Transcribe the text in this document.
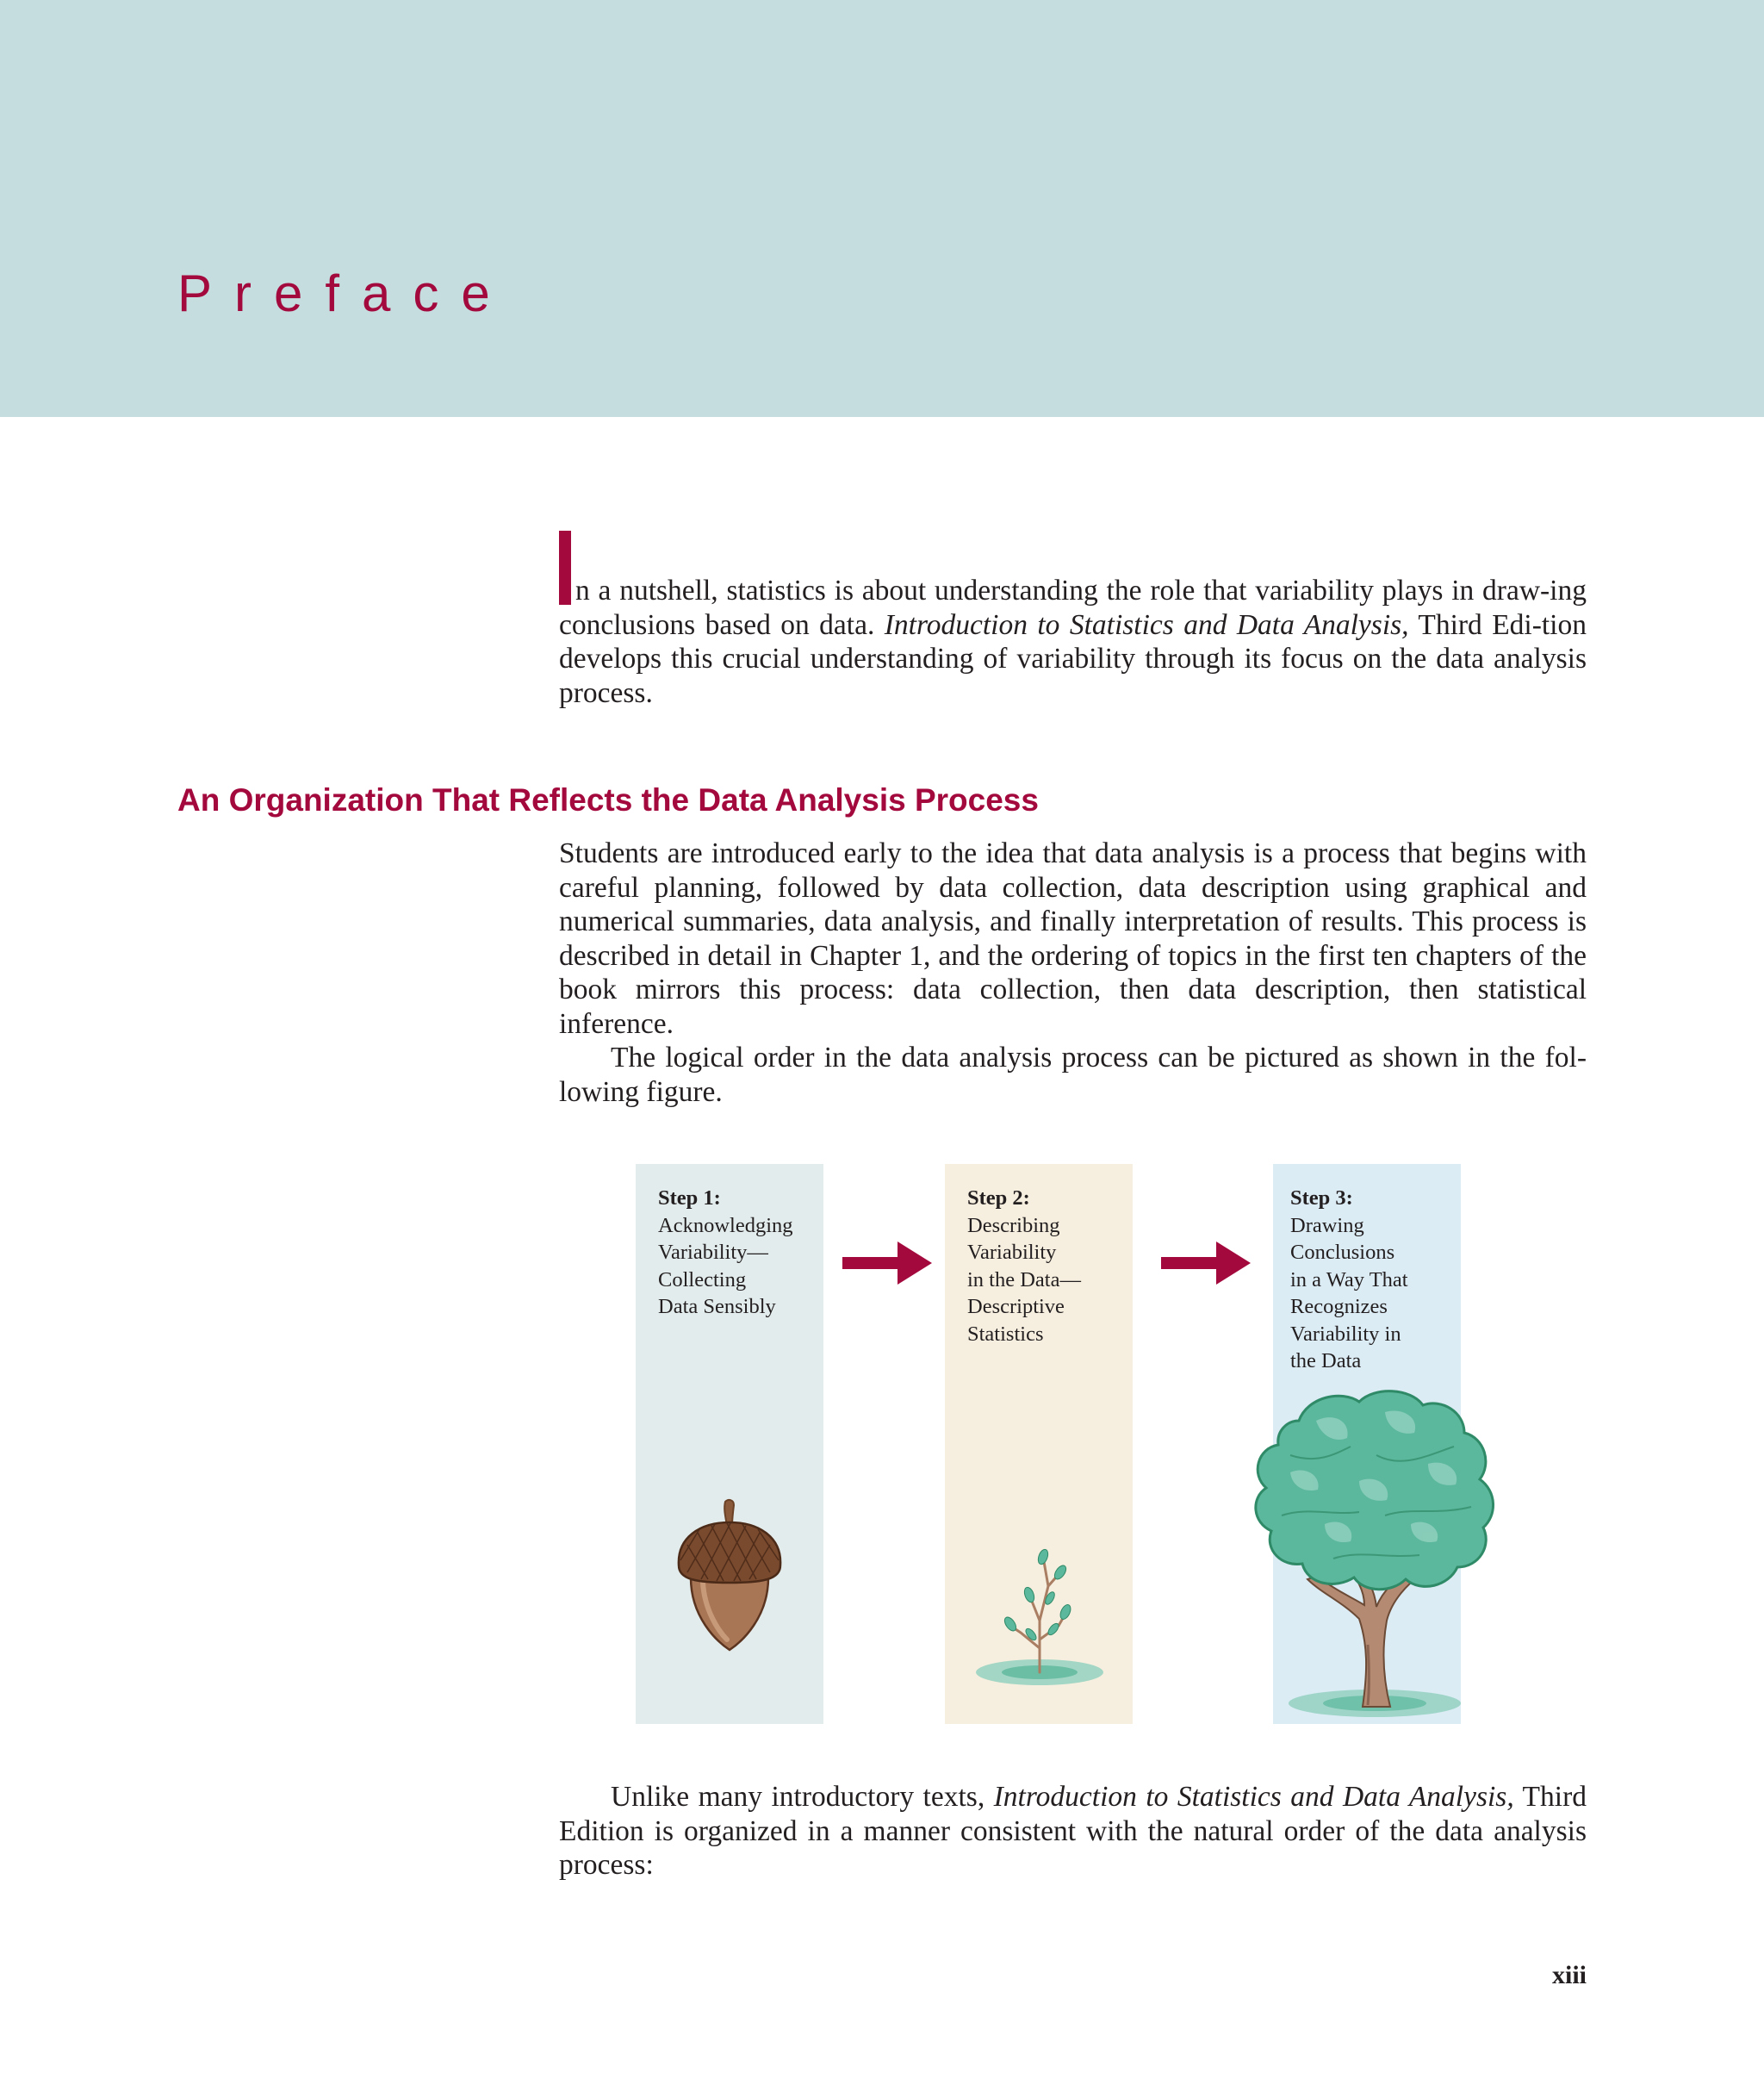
Preface

n a nutshell, statistics is about understanding the role that variability plays in draw-ing conclusions based on data. Introduction to Statistics and Data Analysis, Third Edi-tion develops this crucial understanding of variability through its focus on the data analysis process.

An Organization That Reflects the Data Analysis Process

Students are introduced early to the idea that data analysis is a process that begins with careful planning, followed by data collection, data description using graphical and numerical summaries, data analysis, and finally interpretation of results. This process is described in detail in Chapter 1, and the ordering of topics in the first ten chapters of the book mirrors this process: data collection, then data description, then statistical inference.

The logical order in the data analysis process can be pictured as shown in the fol-lowing figure.

Step 1:
Acknowledging
Variability—
Collecting
Data Sensibly
Step 2:
Describing
Variability
in the Data—
Descriptive
Statistics
Step 3:
Drawing
Conclusions
in a Way That
Recognizes
Variability in
the Data

Unlike many introductory texts, Introduction to Statistics and Data Analysis, Third Edition is organized in a manner consistent with the natural order of the data analysis process:

xiii
